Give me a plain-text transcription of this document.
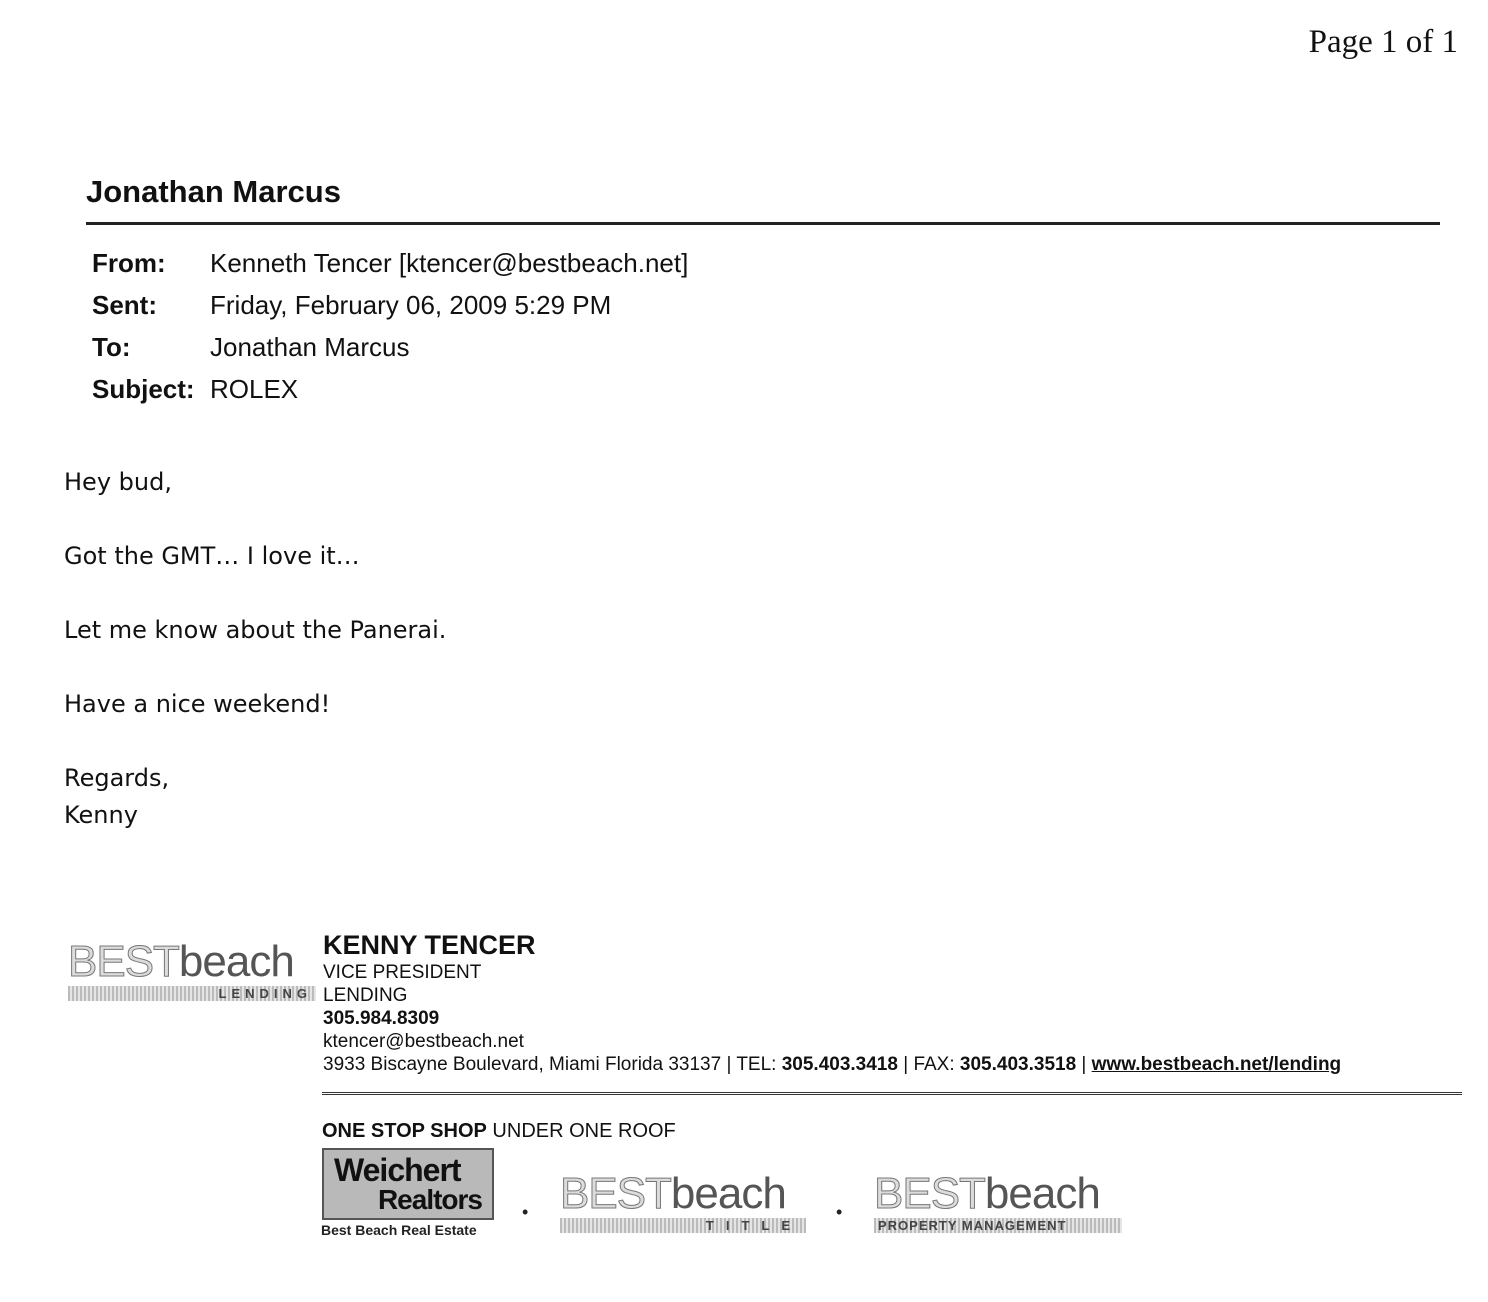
Page 1 of 1
Jonathan Marcus
From:	Kenneth Tencer [ktencer@bestbeach.net]
Sent:	Friday, February 06, 2009 5:29 PM
To:	Jonathan Marcus
Subject: ROLEX

Hey bud,

Got the GMT… I love it…

Let me know about the Panerai.

Have a nice weekend!

Regards,

Kenny

BESTbeach
LENDING
KENNY TENCER
VICE PRESIDENT
LENDING
305.984.8309
ktencer@bestbeach.net
3933 Biscayne Boulevard, Miami Florida 33137 | TEL: 305.403.3418 | FAX: 305.403.3518 | www.bestbeach.net/lending
ONE STOP SHOP UNDER ONE ROOF
Weichert
Realtors
Best Beach Real Estate
• BESTbeach
TITLE
• BESTbeach
PROPERTY MANAGEMENT
